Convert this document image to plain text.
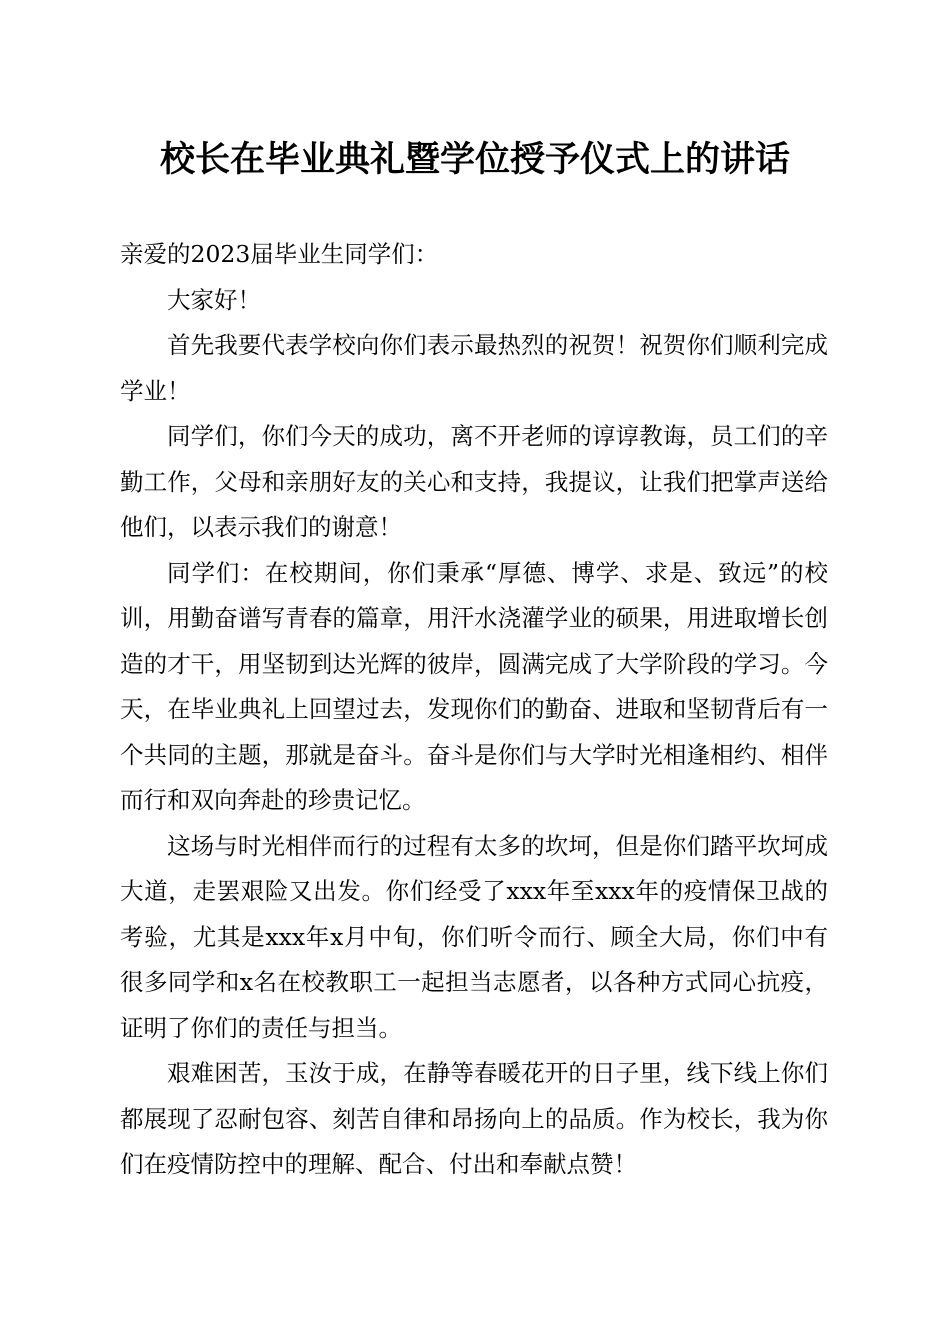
校长在毕业典礼暨学位授予仪式上的讲话

亲爱的2023届毕业生同学们：

大家好！

首先我要代表学校向你们表示最热烈的祝贺！祝贺你们顺利完成学业！

同学们，你们今天的成功，离不开老师的谆谆教诲，员工们的辛勤工作，父母和亲朋好友的关心和支持，我提议，让我们把掌声送给他们，以表示我们的谢意！

同学们：在校期间，你们秉承“厚德、博学、求是、致远”的校训，用勤奋谱写青春的篇章，用汗水浇灌学业的硕果，用进取增长创造的才干，用坚韧到达光辉的彼岸，圆满完成了大学阶段的学习。今天，在毕业典礼上回望过去，发现你们的勤奋、进取和坚韧背后有一个共同的主题，那就是奋斗。奋斗是你们与大学时光相逢相约、相伴而行和双向奔赴的珍贵记忆。

这场与时光相伴而行的过程有太多的坎坷，但是你们踏平坎坷成大道，走罢艰险又出发。你们经受了xxx年至xxx年的疫情保卫战的考验，尤其是xxx年x月中旬，你们听令而行、顾全大局，你们中有很多同学和x名在校教职工一起担当志愿者，以各种方式同心抗疫，证明了你们的责任与担当。

艰难困苦，玉汝于成，在静等春暖花开的日子里，线下线上你们都展现了忍耐包容、刻苦自律和昂扬向上的品质。作为校长，我为你们在疫情防控中的理解、配合、付出和奉献点赞！
